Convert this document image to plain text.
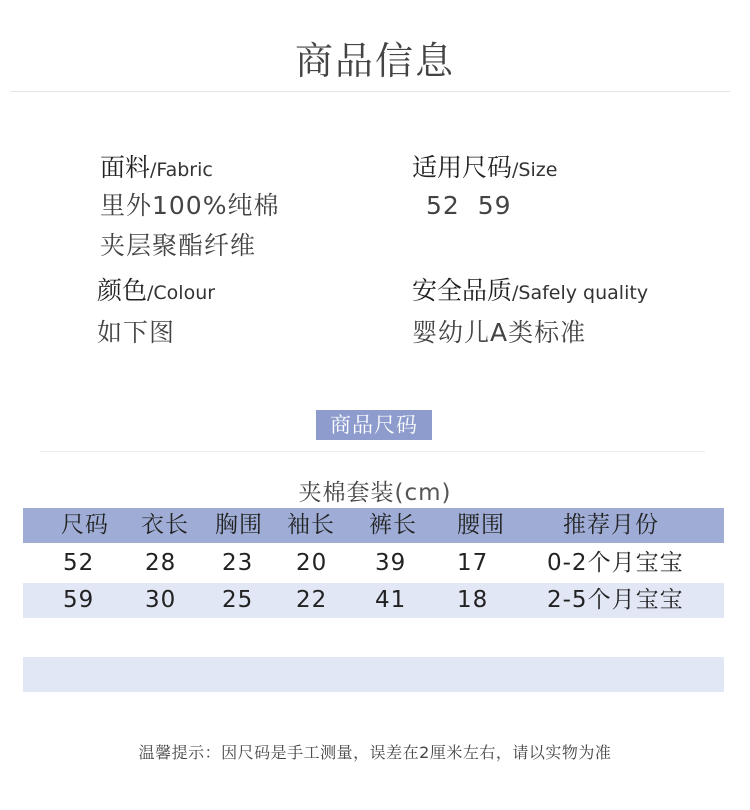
商品信息
面料/Fabric
里外100%纯棉
夹层聚酯纤维
适用尺码/Size
52  59
颜色/Colour
如下图
安全品质/Safely quality
婴幼儿A类标准
商品尺码
夹棉套装(cm)
尺码 衣长 胸围 袖长 裤长 腰围	推荐月份
52 28 23 20 39 17	0-2个月宝宝
59 30 25 22 41 18	2-5个月宝宝
温馨提示：因尺码是手工测量，误差在2厘米左右，请以实物为准
